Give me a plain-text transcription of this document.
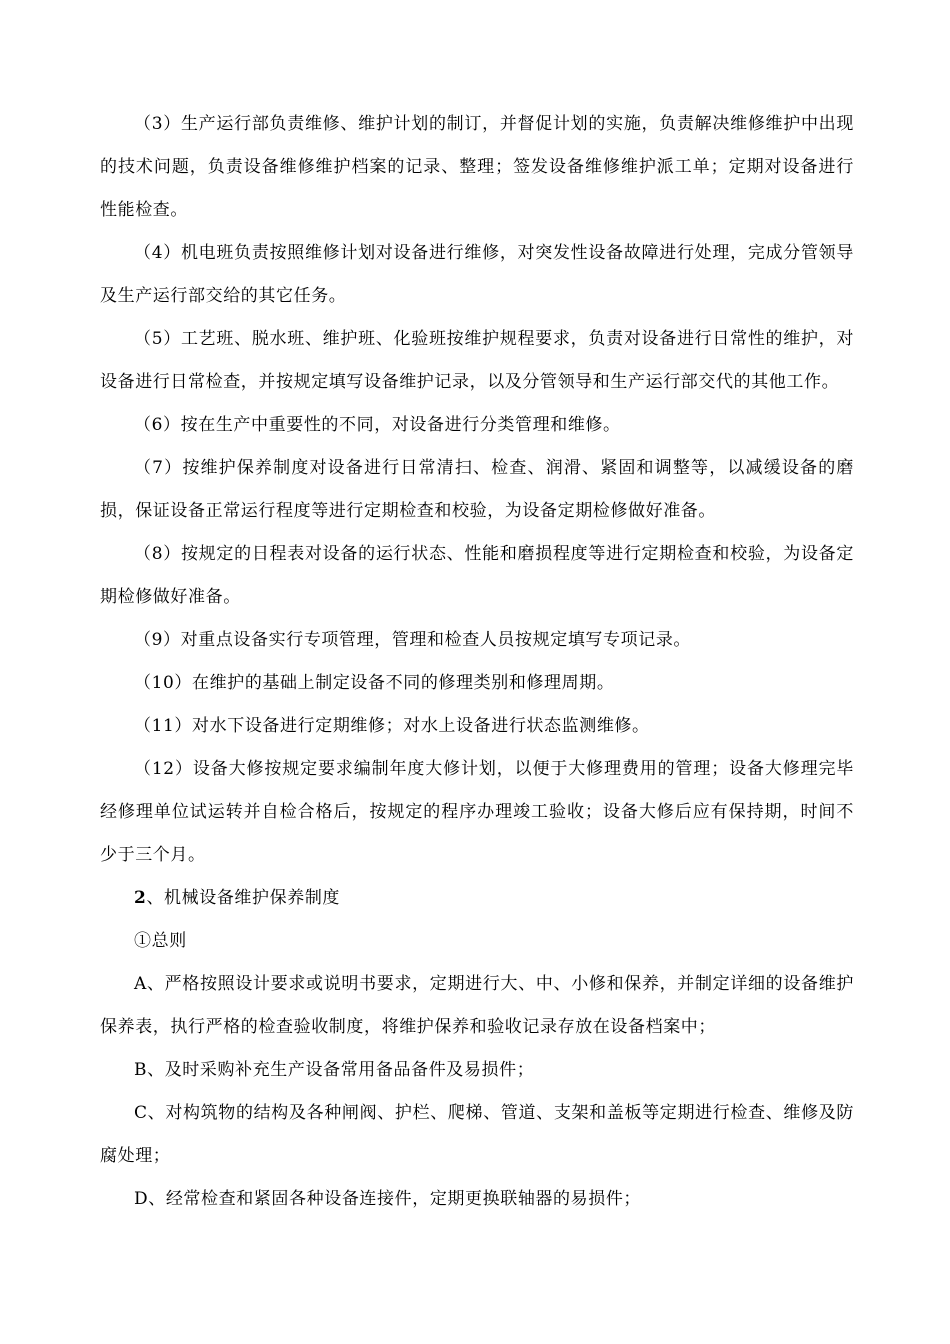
（3）生产运行部负责维修、维护计划的制订，并督促计划的实施，负责解决维修维护中出现的技术问题，负责设备维修维护档案的记录、整理；签发设备维修维护派工单；定期对设备进行性能检查。

（4）机电班负责按照维修计划对设备进行维修，对突发性设备故障进行处理，完成分管领导及生产运行部交给的其它任务。

（5）工艺班、脱水班、维护班、化验班按维护规程要求，负责对设备进行日常性的维护，对设备进行日常检查，并按规定填写设备维护记录，以及分管领导和生产运行部交代的其他工作。

（6）按在生产中重要性的不同，对设备进行分类管理和维修。

（7）按维护保养制度对设备进行日常清扫、检查、润滑、紧固和调整等，以减缓设备的磨损，保证设备正常运行程度等进行定期检查和校验，为设备定期检修做好准备。

（8）按规定的日程表对设备的运行状态、性能和磨损程度等进行定期检查和校验，为设备定期检修做好准备。

（9）对重点设备实行专项管理，管理和检查人员按规定填写专项记录。

（10）在维护的基础上制定设备不同的修理类别和修理周期。

（11）对水下设备进行定期维修；对水上设备进行状态监测维修。

（12）设备大修按规定要求编制年度大修计划，以便于大修理费用的管理；设备大修理完毕经修理单位试运转并自检合格后，按规定的程序办理竣工验收；设备大修后应有保持期，时间不少于三个月。

2、机械设备维护保养制度

①总则

A、严格按照设计要求或说明书要求，定期进行大、中、小修和保养，并制定详细的设备维护保养表，执行严格的检查验收制度，将维护保养和验收记录存放在设备档案中；

B、及时采购补充生产设备常用备品备件及易损件；

C、对构筑物的结构及各种闸阀、护栏、爬梯、管道、支架和盖板等定期进行检查、维修及防腐处理；

D、经常检查和紧固各种设备连接件，定期更换联轴器的易损件；
